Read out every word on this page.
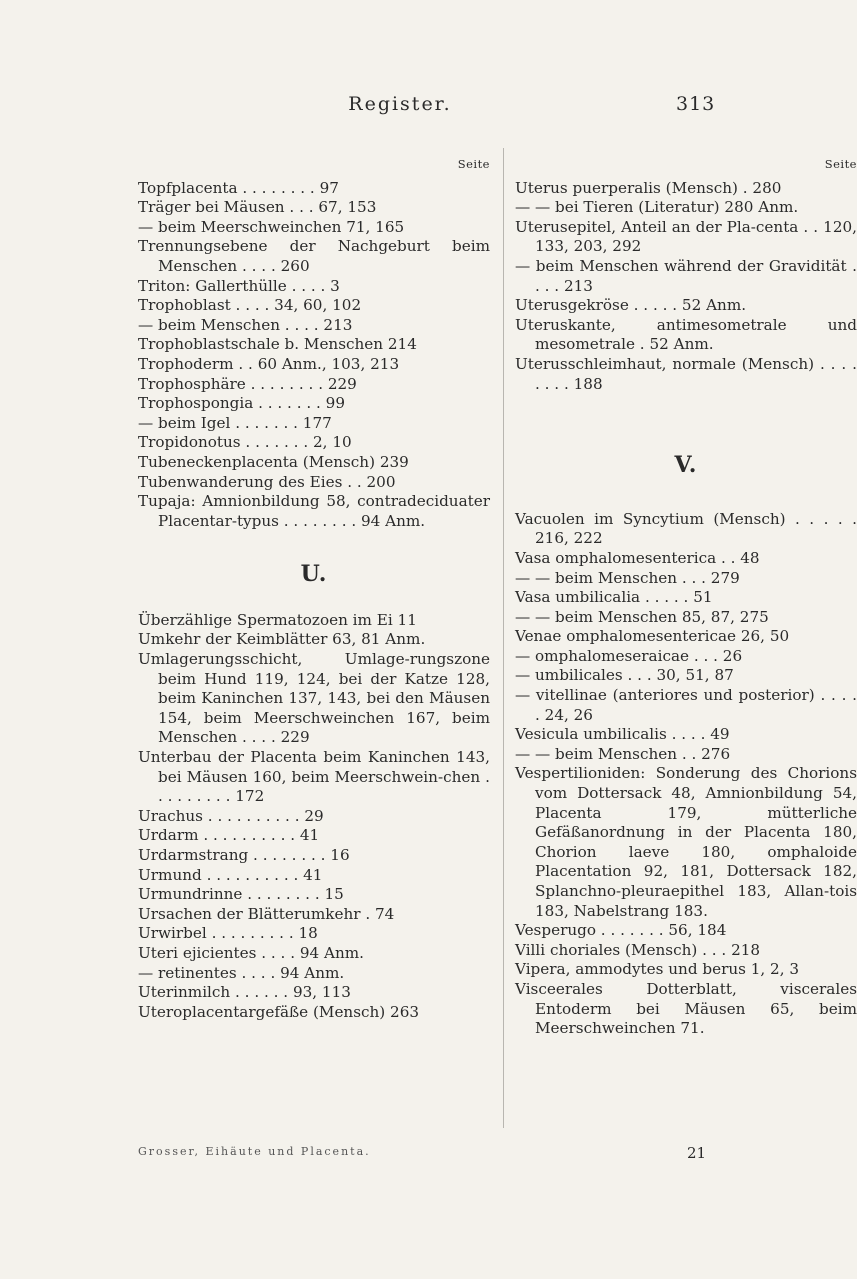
Register.	313
Seite

Topfplacenta . . . . . . . . 97

Träger bei Mäusen . . . 67, 153

— beim Meerschweinchen 71, 165

Trennungsebene der Nachgeburt beim Menschen . . . . 260

Triton: Gallerthülle . . . . 3

Trophoblast . . . . 34, 60, 102

— beim Menschen . . . . 213

Trophoblastschale b. Menschen 214

Trophoderm . . 60 Anm., 103, 213

Trophosphäre . . . . . . . . 229

Trophospongia . . . . . . . 99

— beim Igel . . . . . . . 177

Tropidonotus . . . . . . . 2, 10

Tubeneckenplacenta (Mensch) 239

Tubenwanderung des Eies . . 200

Tupaja: Amnionbildung 58, contradeciduater Placentar-typus . . . . . . . . 94 Anm.

U.

Überzählige Spermatozoen im Ei 11

Umkehr der Keimblätter 63, 81 Anm.

Umlagerungsschicht, Umlage-rungszone beim Hund 119, 124, bei der Katze 128, beim Kaninchen 137, 143, bei den Mäusen 154, beim Meerschweinchen 167, beim Menschen . . . . 229

Unterbau der Placenta beim Kaninchen 143, bei Mäusen 160, beim Meerschwein-chen . . . . . . . . . 172

Urachus . . . . . . . . . . 29

Urdarm . . . . . . . . . . 41

Urdarmstrang . . . . . . . . 16

Urmund . . . . . . . . . . 41

Urmundrinne . . . . . . . . 15

Ursachen der Blätterumkehr . 74

Urwirbel . . . . . . . . . 18

Uteri ejicientes . . . . 94 Anm.

— retinentes . . . . 94 Anm.

Uterinmilch . . . . . . 93, 113

Uteroplacentargefäße (Mensch) 263

Seite

Uterus puerperalis (Mensch) . 280

— — bei Tieren (Literatur) 280 Anm.

Uterusepitel, Anteil an der Pla-centa . . 120, 133, 203, 292

— beim Menschen während der Gravidität . . . . 213

Uterusgekröse . . . . . 52 Anm.

Uteruskante, antimesometrale und mesometrale . 52 Anm.

Uterusschleimhaut, normale (Mensch) . . . . . . . . 188

V.

Vacuolen im Syncytium (Mensch) . . . . . 216, 222

Vasa omphalomesenterica . . 48

— — beim Menschen . . . 279

Vasa umbilicalia . . . . . 51

— — beim Menschen 85, 87, 275

Venae omphalomesentericae 26, 50

— omphalomeseraicae . . . 26

— umbilicales . . . 30, 51, 87

— vitellinae (anteriores und posterior) . . . . . 24, 26

Vesicula umbilicalis . . . . 49

— — beim Menschen . . 276

Vespertilioniden: Sonderung des Chorions vom Dottersack 48, Amnionbildung 54, Placenta 179, mütterliche Gefäßanordnung in der Placenta 180, Chorion laeve 180, omphaloide Placentation 92, 181, Dottersack 182, Splanchno-pleuraepithel 183, Allan-tois 183, Nabelstrang 183.

Vesperugo . . . . . . . 56, 184

Villi choriales (Mensch) . . . 218

Vipera, ammodytes und berus 1, 2, 3

Visceerales Dotterblatt, viscerales Entoderm bei Mäusen 65, beim Meerschweinchen 71.

Grosser, Eihäute und Placenta.	21
